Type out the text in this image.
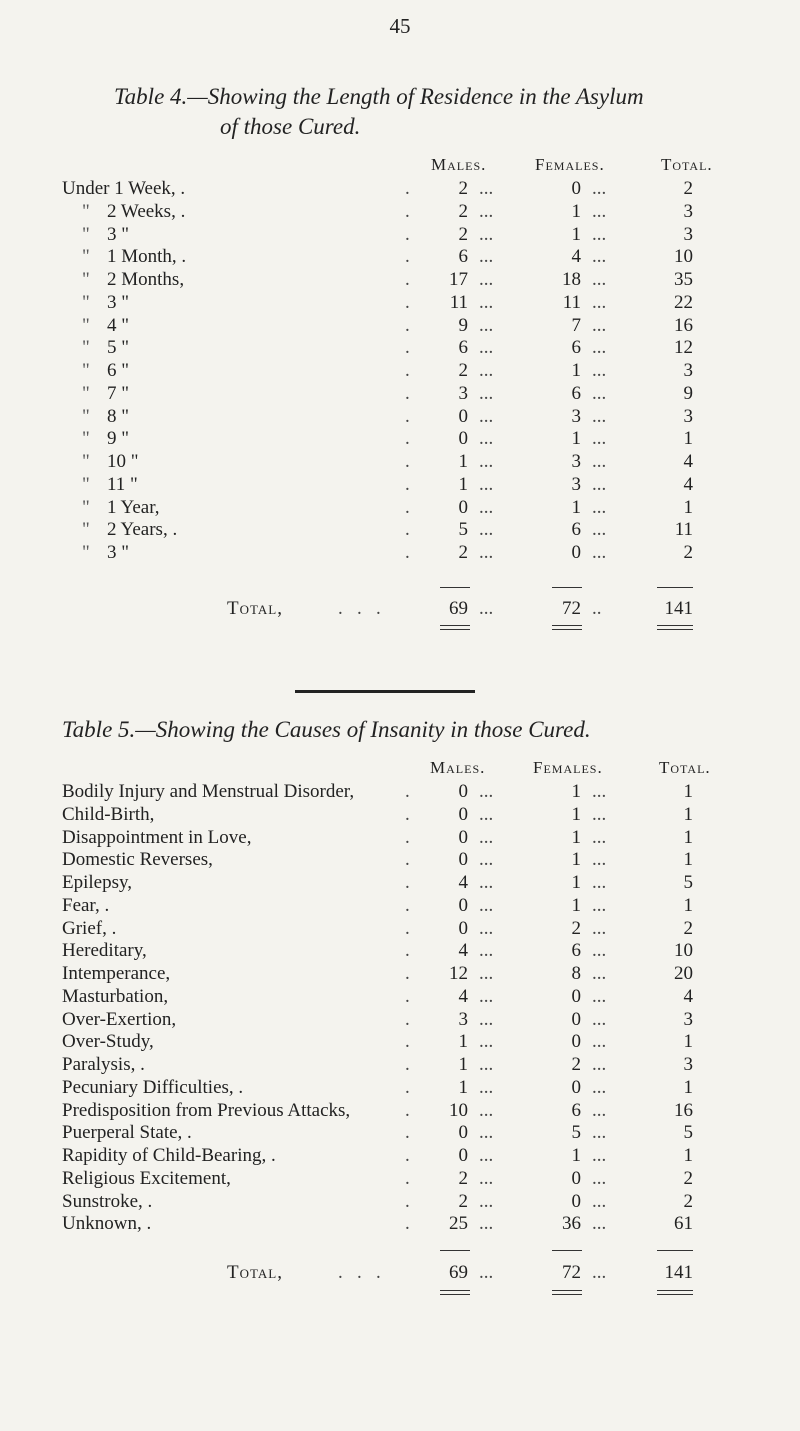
45
Table 4.—Showing the Length of Residence in the Asylum
of those Cured.
Males.	Females.	Total.
Under 1 Week, .	.	2 ...	0 ...	2
" 2 Weeks, .	.	2 ...	1 ...	3
" 3 "	.	2 ...	1 ...	3
" 1 Month, .	.	6 ...	4 ...	10
" 2 Months,	.	17 ...	18 ...	35
" 3 "	.	11 ...	11 ...	22
" 4 "	.	9 ...	7 ...	16
" 5 "	.	6 ...	6 ...	12
" 6 "	.	2 ...	1 ...	3
" 7 "	.	3 ...	6 ...	9
" 8 "	.	0 ...	3 ...	3
" 9 "	.	0 ...	1 ...	1
" 10 "	.	1 ...	3 ...	4
" 11 "	.	1 ...	3 ...	4
" 1 Year,	.	0 ...	1 ...	1
" 2 Years, .	.	5 ...	6 ...	11
" 3 "	.	2 ...	0 ...	2
Total,	.   .   .	69 ...	72 ..	141
Table 5.—Showing the Causes of Insanity in those Cured.
Males.	Females.	Total.
Bodily Injury and Menstrual Disorder,	.	0 ...	1 ...	1
Child-Birth,	.	0 ...	1 ...	1
Disappointment in Love,	.	0 ...	1 ...	1
Domestic Reverses,	.	0 ...	1 ...	1
Epilepsy,	.	4 ...	1 ...	5
Fear, .	.	0 ...	1 ...	1
Grief, .	.	0 ...	2 ...	2
Hereditary,	.	4 ...	6 ...	10
Intemperance,	.	12 ...	8 ...	20
Masturbation,	.	4 ...	0 ...	4
Over-Exertion,	.	3 ...	0 ...	3
Over-Study,	.	1 ...	0 ...	1
Paralysis, .	.	1 ...	2 ...	3
Pecuniary Difficulties, .	.	1 ...	0 ...	1
Predisposition from Previous Attacks,	.	10 ...	6 ...	16
Puerperal State, .	.	0 ...	5 ...	5
Rapidity of Child-Bearing, .	.	0 ...	1 ...	1
Religious Excitement,	.	2 ...	0 ...	2
Sunstroke, .	.	2 ...	0 ...	2
Unknown, .	.	25 ...	36 ...	61
Total,	.   .   .	69 ...	72 ...	141
